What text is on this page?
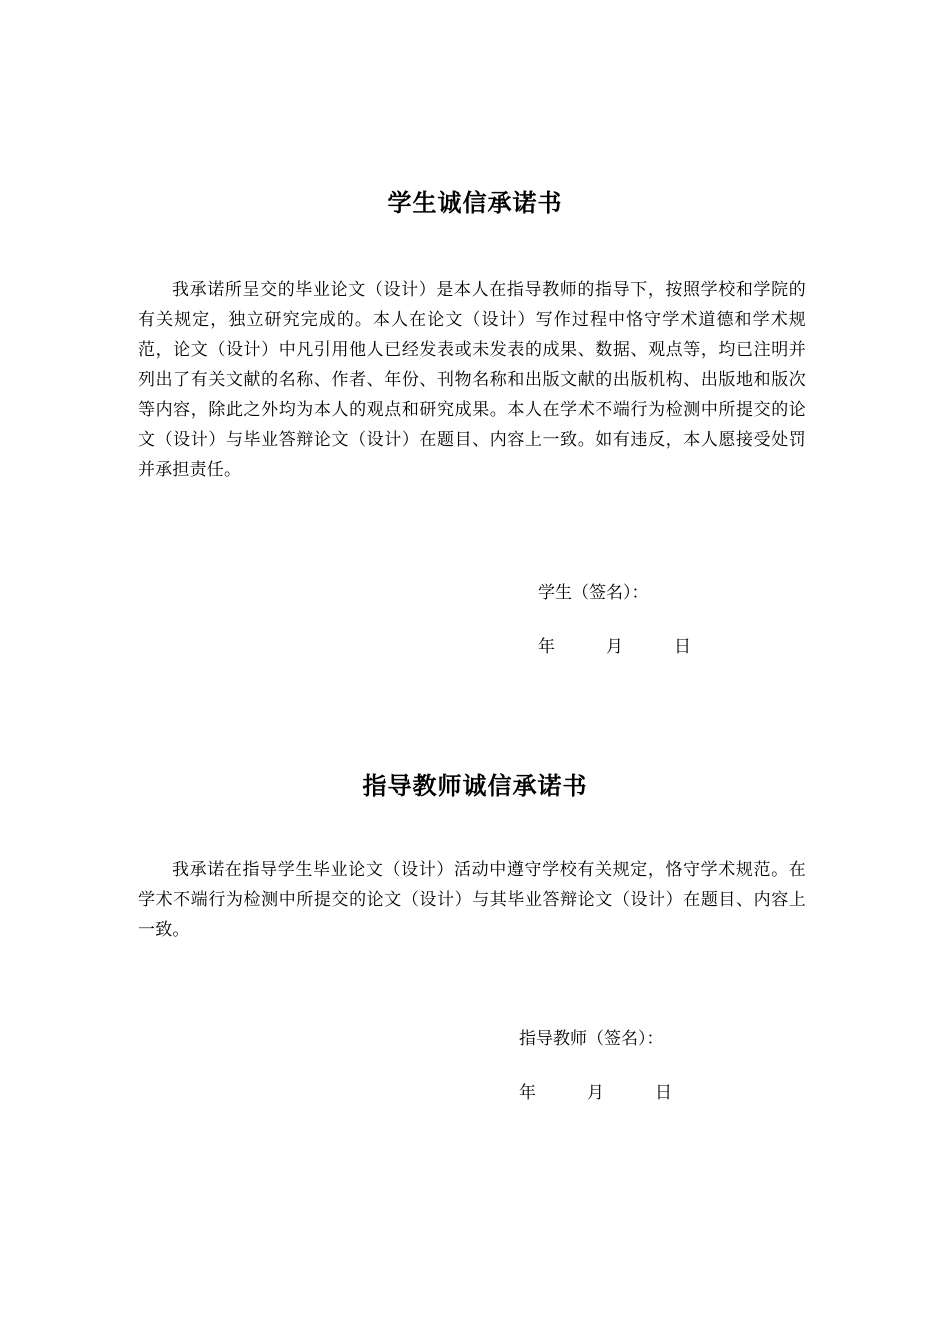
学生诚信承诺书

我承诺所呈交的毕业论文（设计）是本人在指导教师的指导下，按照学校和学院的有关规定，独立研究完成的。本人在论文（设计）写作过程中恪守学术道德和学术规范，论文（设计）中凡引用他人已经发表或未发表的成果、数据、观点等，均已注明并列出了有关文献的名称、作者、年份、刊物名称和出版文献的出版机构、出版地和版次等内容，除此之外均为本人的观点和研究成果。本人在学术不端行为检测中所提交的论文（设计）与毕业答辩论文（设计）在题目、内容上一致。如有违反，本人愿接受处罚并承担责任。

学生（签名）：

年	月	日

指导教师诚信承诺书

我承诺在指导学生毕业论文（设计）活动中遵守学校有关规定，恪守学术规范。在学术不端行为检测中所提交的论文（设计）与其毕业答辩论文（设计）在题目、内容上一致。

指导教师（签名）：

年	月	日
